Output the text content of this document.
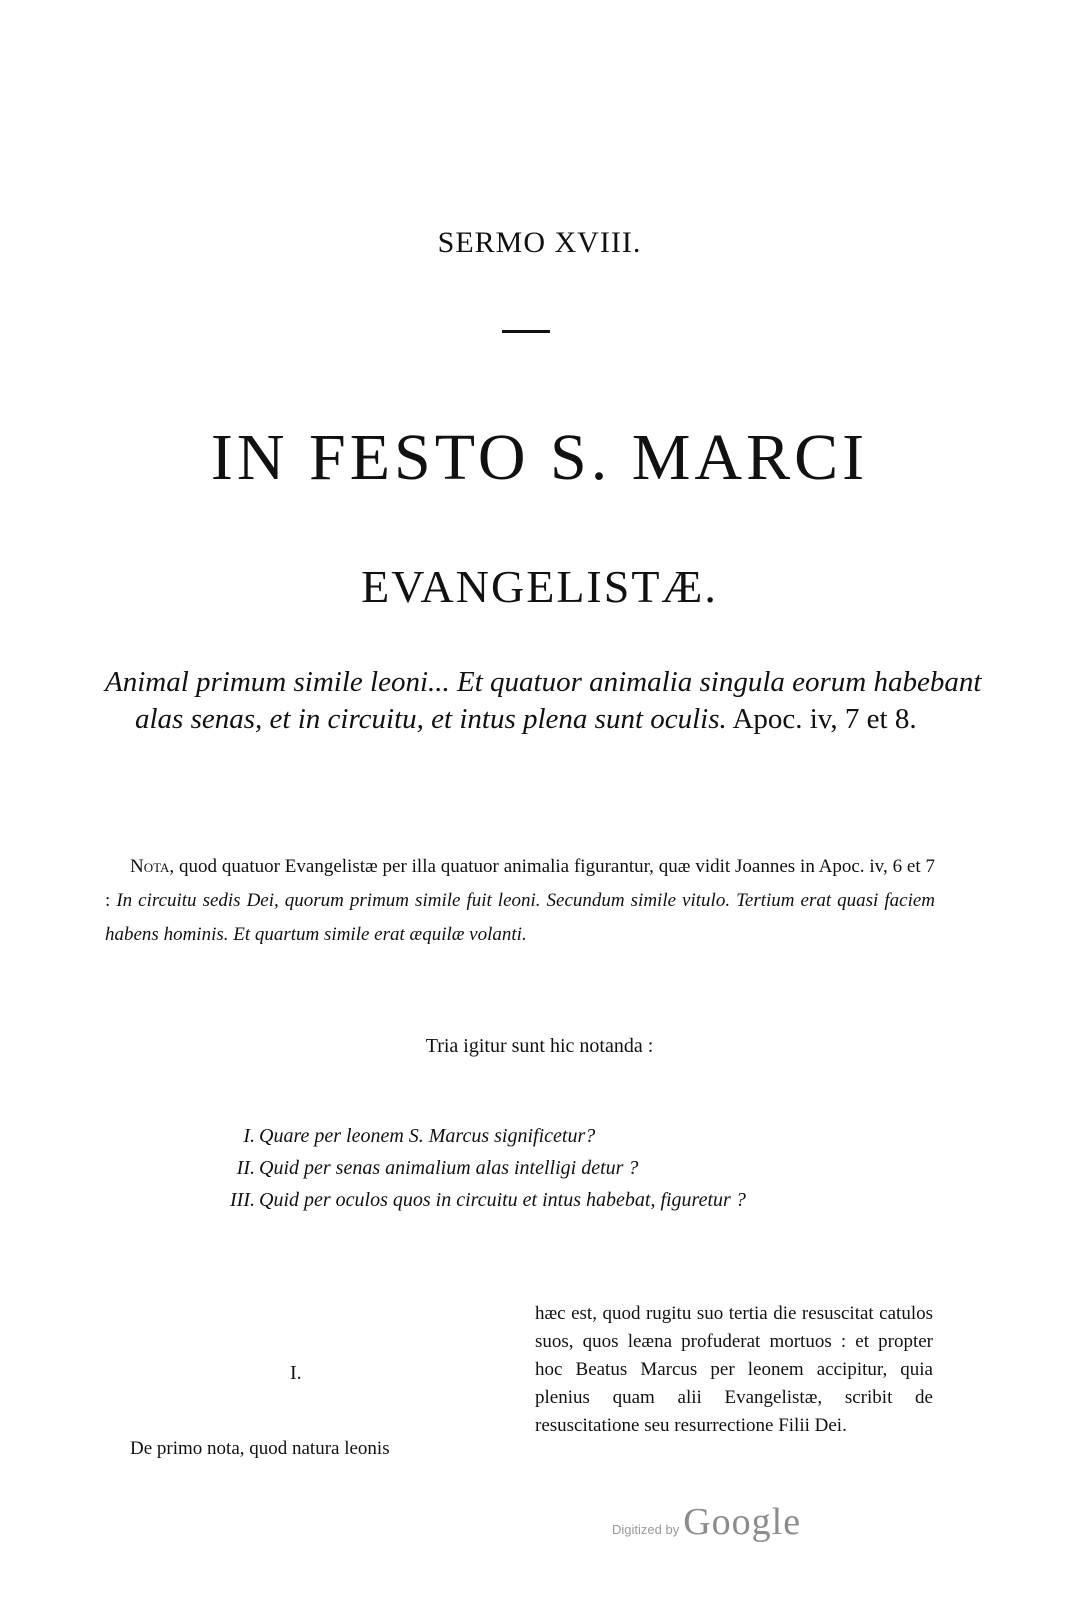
SERMO XVIII.
IN FESTO S. MARCI
EVANGELISTÆ.
Animal primum simile leoni... Et quatuor animalia singula eorum habebant alas senas, et in circuitu, et intus plena sunt oculis. Apoc. iv, 7 et 8.
Nota, quod quatuor Evangelistæ per illa quatuor animalia figurantur, quæ vidit Joannes in Apoc. iv, 6 et 7 : In circuitu sedis Dei, quorum primum simile fuit leoni. Secundum simile vitulo. Tertium erat quasi faciem habens hominis. Et quartum simile erat æquilæ volanti.
Tria igitur sunt hic notanda :
I. Quare per leonem S. Marcus significetur?
II. Quid per senas animalium alas intelligi detur ?
III. Quid per oculos quos in circuitu et intus habebat, figuretur ?
I.
De primo nota, quod natura leonis
hæc est, quod rugitu suo tertia die resuscitat catulos suos, quos leæna profuderat mortuos : et propter hoc Beatus Marcus per leonem accipitur, quia plenius quam alii Evangelistæ, scribit de resuscitatione seu resurrectione Filii Dei.
Digitized by Google
